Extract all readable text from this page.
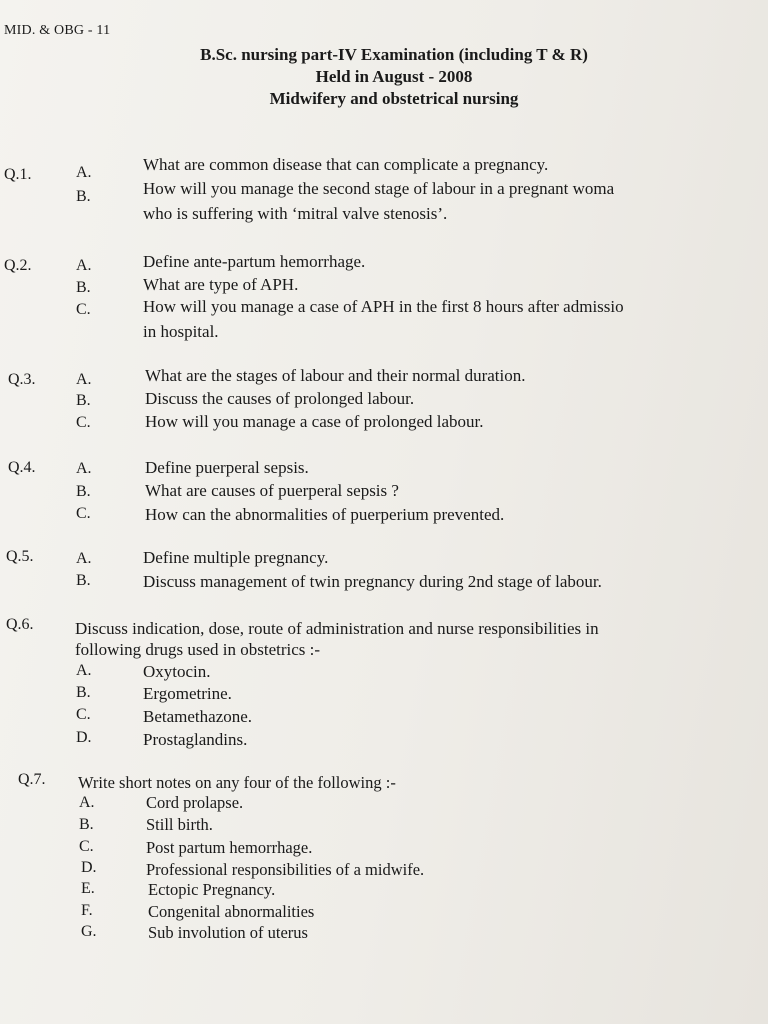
MID. & OBG - 11
B.Sc. nursing part-IV Examination (including T & R)
Held in August - 2008
Midwifery and obstetrical nursing
Q.1.	A.	What are common disease that can complicate a pregnancy.
B.	How will you manage the second stage of labour in a pregnant woma
who is suffering with ‘mitral valve stenosis’.
Q.2.	A.	Define ante-partum hemorrhage.
B.	What are type of APH.
C.	How will you manage a case of APH in the first 8 hours after admissio
in hospital.
Q.3.	A.	What are the stages of labour and their normal duration.
B.	Discuss the causes of prolonged labour.
C.	How will you manage a case of prolonged labour.
Q.4.	A.	Define puerperal sepsis.
B.	What are causes of puerperal sepsis ?
C.	How can the abnormalities of puerperium prevented.
Q.5.	A.	Define multiple pregnancy.
B.	Discuss management of twin pregnancy during 2nd stage of labour.
Q.6. Discuss indication, dose, route of administration and nurse responsibilities in
following drugs used in obstetrics :-
A.	Oxytocin.
B.	Ergometrine.
C.	Betamethazone.
D.	Prostaglandins.
Q.7. Write short notes on any four of the following :-
A.	Cord prolapse.
B.	Still birth.
C.	Post partum hemorrhage.
D.	Professional responsibilities of a midwife.
E.	Ectopic Pregnancy.
F.	Congenital abnormalities
G.	Sub involution of uterus
